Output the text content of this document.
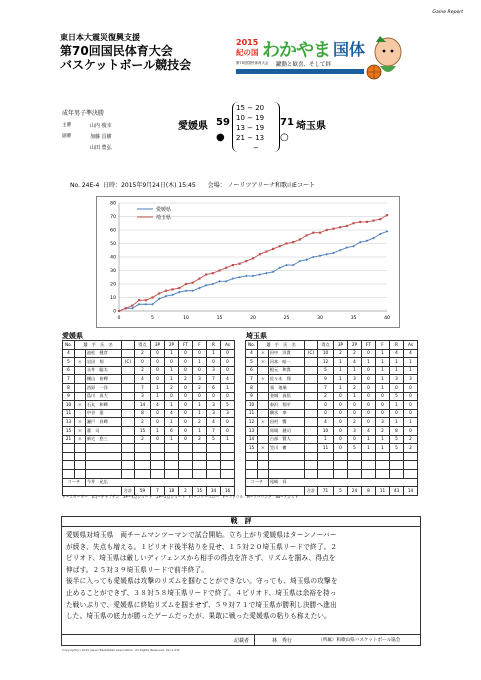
Game Report
東日本大震災復興支援
第70回国民体育大会
バスケットボール競技会
2015
紀の国 わかやま 国体
第70回国民体育大会 躍動と歓喜、そして絆
成年男子準決勝
主審	山内 俊幸
副審	加藤 昌樹
山田 豊弘
愛媛県 59
15 − 20
10 − 19
13 − 19
21 − 13
−
71 埼玉県
●	○
No. 24E-4  日時：2015年9月24日(木) 15:45　　会場： ノーリツアリーナ和歌山Eコート
0
10
20
30
40
50
60
70
80
0	5	10	15	20	25	30	35	40
愛媛県
埼玉県
愛媛県	埼玉県
No.	選　手　氏　名			得点	3P	2P	FT	F	R	As
4		池松　健彦		2	0	1	0	0	1	0
5	＊	岩田　翔	(C)	0	0	0	0	1	0	0
6		永井　聡太		2	0	1	0	0	3	0
7		樋山　裕輝		4	0	1	2	3	7	4
8		西原　一洋		7	1	2	0	2	6	1
9		島川　真大		3	1	0	0	0	0	0
10	＊	石丸　和輝		14	4	1	0	1	3	5
11		中谷　達		8	0	4	0	1	3	3
13	＊	瀬戸　祥輝		2	0	1	0	2	4	0
15	＊	董　司		15	1	6	0	1	7	0
21	＊	新宅　悠三		2	0	1	0	2	5	1

コーチ		今井　允広								
			合計	59	7	18	2	15	34	16
No.	選　手　氏　名			得点	3P	2P	FT	F	R	As
4	＊	田中　洋貴	(C)	10	2	2	0	1	4	4
5	＊	河本　暗一		12	1	4	1	1	1	1
6		根元　和貴		5	1	1	0	1	1	1
7	＊	佐々木　翔		9	1	3	0	1	3	3
8		張　琅瑞		7	1	2	0	1	0	0
9		金城　真悟		2	0	1	0	0	5	0
10		泰沢　翔平		0	0	0	0	0	1	0
11		駒水　拳		0	0	0	0	0	0	0
12	＊	田村　響		4	0	2	0	3	1	1
13		馬場　健司		10	0	3	4	2	8	0
14		占部　賢人		1	0	0	1	1	5	2
15	＊	笠川　徹		11	0	5	1	1	5	2

コーチ		尾崎　昇								
			合計	71	5	24	8	11	43	14
＊−スターター　(C)−キャプテン　3P−3点シュート　2P−2点シュート　FT−フリースロー　F−ファウル　R−リバウンド　As−アシスト
戦　評
愛媛県対埼玉県　両チームマンツーマンで試合開始。立ち上がり愛媛県はターンノーバー
が続き、失点も増える。１ピリオド後半粘りを見せ、１５対２０埼玉県リードで終了。２
ピリオド、埼玉県は厳しいディフェンスから相手の得点を許さず、リズムを掴み、得点を
伸ばす。２５対３９埼玉県リードで前半終了。
後半に入っても愛媛県は攻撃のリズムを掴むことができない。守っても、埼玉県の攻撃を
止めることができず、３８対５８埼玉県リードで終了。４ピリオド、埼玉県は余裕を持っ
た戦いぶりで、愛媛県に終始リズムを掴ませず、５９対７１で埼玉県が勝利し決勝へ進出
した。埼玉県の底力が勝ったゲームだったが、果敢に戦った愛媛県の粘りも称えたい。
記載者	林　秀行	（所属）和歌山県バスケットボール協会
Copyright(c) 2015 Japan Basketball Association. All Rights Reserved. Ver.1.0Ta
